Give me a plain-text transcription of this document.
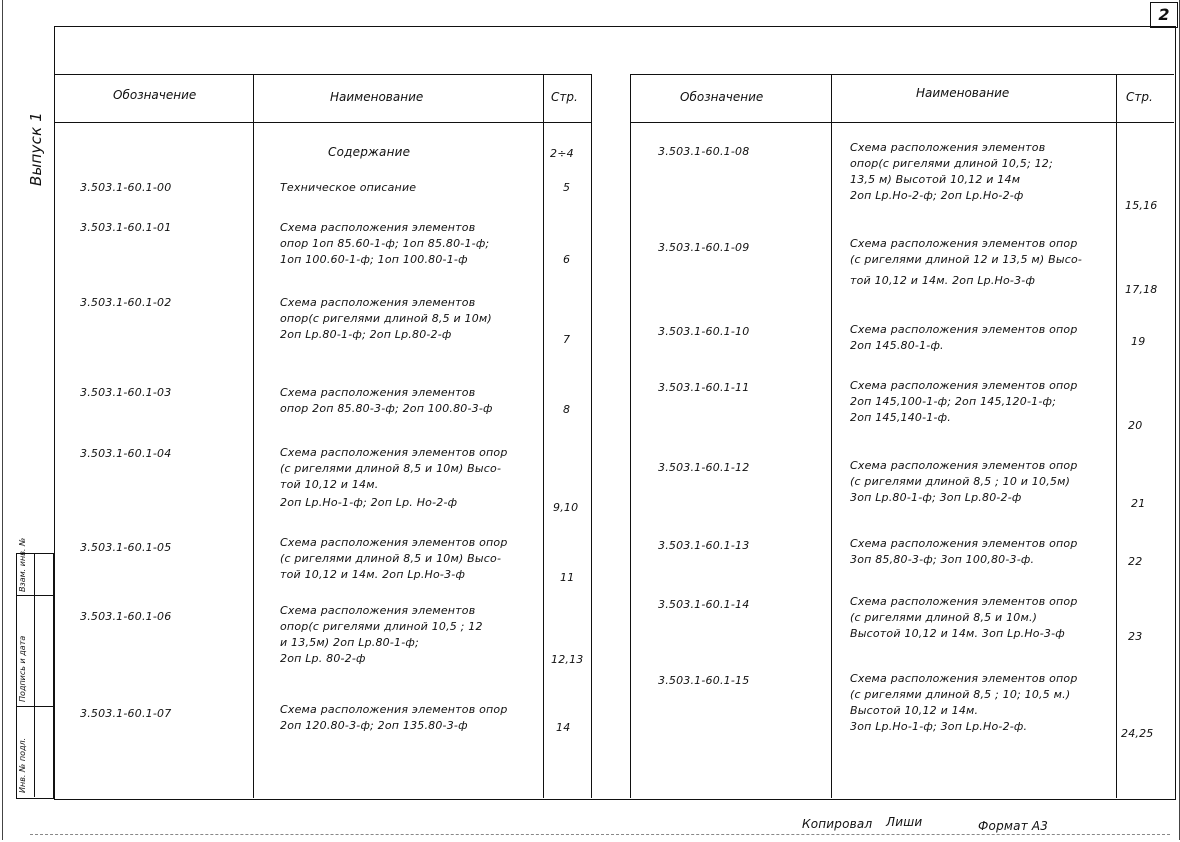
2
Выпуск 1
Инв. № подл.
Подпись и дата
Взам. инв. №
Обозначение	Наименование	Стр.	Обозначение	Наименование	Стр.
Содержание	2÷4
3.503.1-60.1-00	Техническое описание	5
3.503.1-60.1-01	Схема расположения элементов
опор 1оп 85.60-1-ф; 1оп 85.80-1-ф;
1оп 100.60-1-ф; 1оп 100.80-1-ф	6
3.503.1-60.1-02	Схема расположения элементов
опор(с ригелями длиной 8,5 и 10м)
2оп Lр.80-1-ф; 2оп Lр.80-2-ф	7
3.503.1-60.1-03	Схема расположения элементов
опор 2оп 85.80-3-ф; 2оп 100.80-3-ф	8
3.503.1-60.1-04	Схема расположения элементов опор
(с ригелями длиной 8,5 и 10м) Высо-
той 10,12 и 14м.
2оп Lр.Но-1-ф; 2оп Lр. Но-2-ф	9,10
3.503.1-60.1-05	Схема расположения элементов опор
(с ригелями длиной 8,5 и 10м) Высо-
той 10,12 и 14м. 2оп Lр.Но-3-ф	11
3.503.1-60.1-06	Схема расположения элементов
опор(с ригелями длиной 10,5 ; 12
и 13,5м) 2оп Lр.80-1-ф;
2оп Lр. 80-2-ф	12,13
3.503.1-60.1-07	Схема расположения элементов опор
2оп 120.80-3-ф; 2оп 135.80-3-ф	14
3.503.1-60.1-08	Схема расположения элементов
опор(с ригелями длиной 10,5; 12;
13,5 м) Высотой 10,12 и 14м
2оп Lр.Но-2-ф; 2оп Lр.Но-2-ф
15,16
3.503.1-60.1-09	Схема расположения элементов опор
(с ригелями длиной 12 и 13,5 м) Высо-
той 10,12 и 14м. 2оп Lр.Но-3-ф
17,18
3.503.1-60.1-10	Схема расположения элементов опор
2оп 145.80-1-ф.	19
3.503.1-60.1-11	Схема расположения элементов опор
2оп 145,100-1-ф; 2оп 145,120-1-ф;
2оп 145,140-1-ф.
20
3.503.1-60.1-12	Схема расположения элементов опор
(с ригелями длиной 8,5 ; 10 и 10,5м)
3оп Lр.80-1-ф; 3оп Lр.80-2-ф	21
3.503.1-60.1-13	Схема расположения элементов опор
3оп 85,80-3-ф; 3оп 100,80-3-ф.	22
3.503.1-60.1-14	Схема расположения элементов опор
(с ригелями длиной 8,5 и 10м.)
Высотой 10,12 и 14м. 3оп Lр.Но-3-ф	23
3.503.1-60.1-15	Схема расположения элементов опор
(с ригелями длиной 8,5 ; 10; 10,5 м.)
Высотой 10,12 и 14м.
3оп Lр.Но-1-ф; 3оп Lр.Но-2-ф.
24,25
Копировал Лиши	Формат А3
